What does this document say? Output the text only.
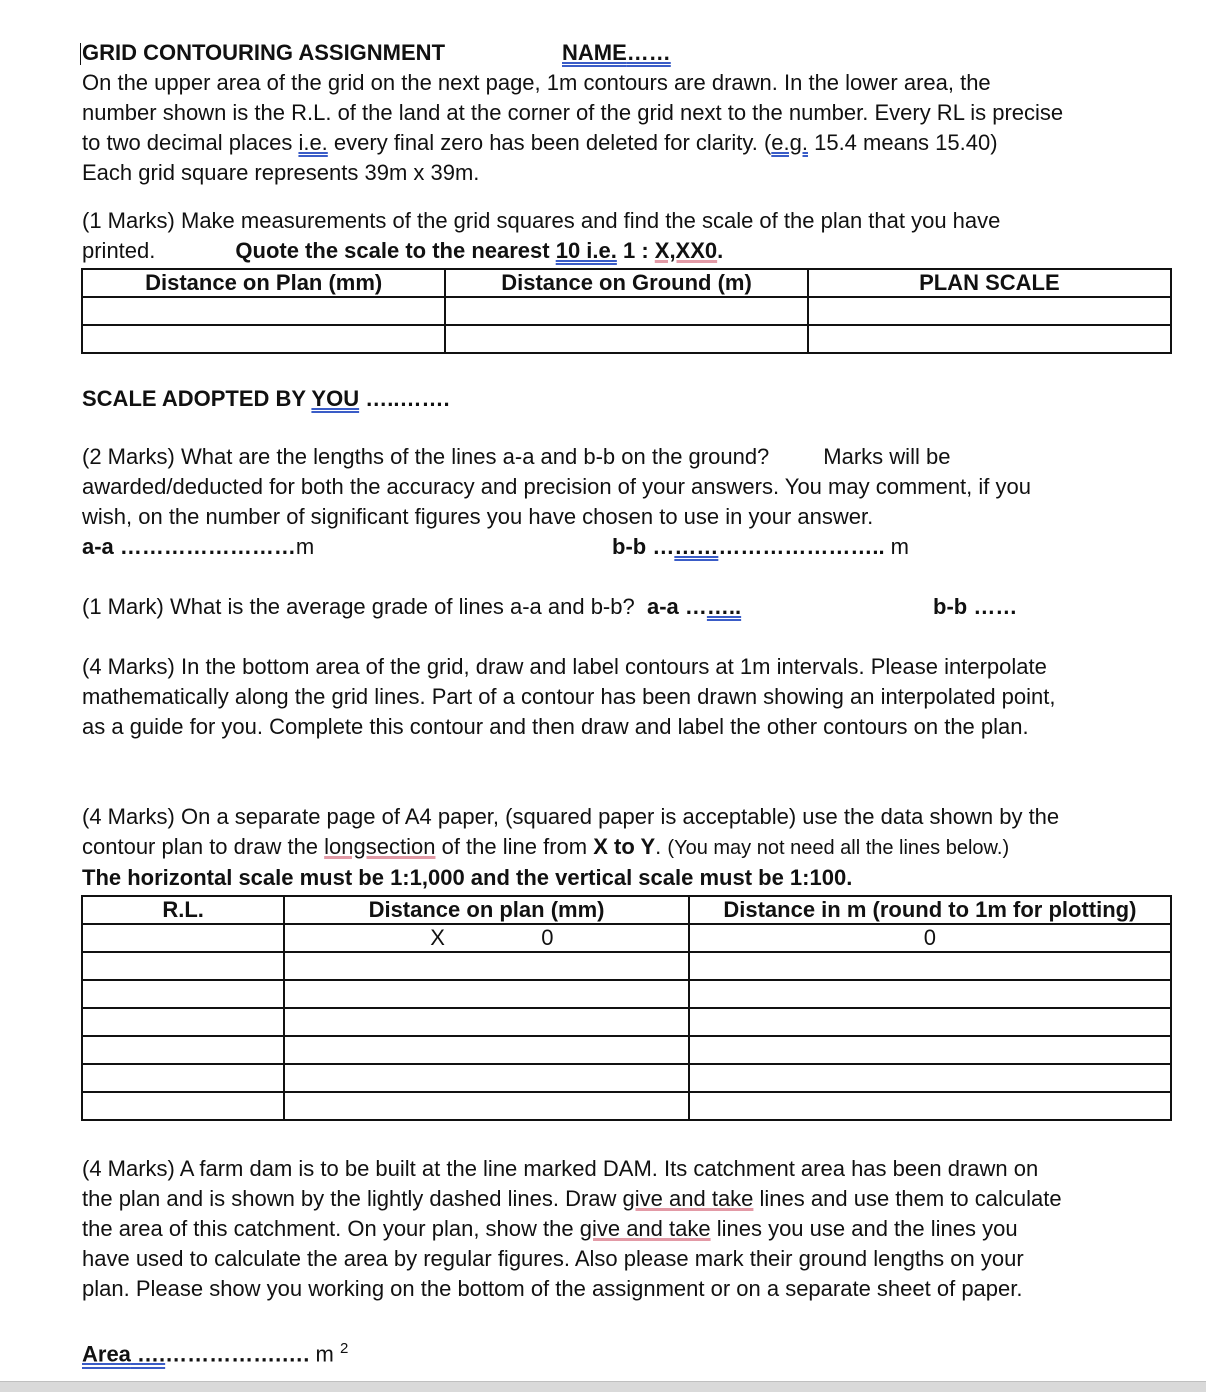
GRID CONTOURING ASSIGNMENT	NAME……

On the upper area of the grid on the next page, 1m contours are drawn. In the lower area, the

number shown is the R.L. of the land at the corner of the grid next to the number. Every RL is precise

to two decimal places i.e. every final zero has been deleted for clarity. (e.g. 15.4 means 15.40)

Each grid square represents 39m x 39m.

(1 Marks) Make measurements of the grid squares and find the scale of the plan that you have

printed.	Quote the scale to the nearest 10 i.e. 1 : X,XX0.

Distance on Plan (mm)	Distance on Ground (m)	PLAN SCALE

SCALE ADOPTED BY YOU …..…….

(2 Marks) What are the lengths of the lines a-a and b-b on the ground? Marks will be

awarded/deducted for both the accuracy and precision of your answers. You may comment, if you

wish, on the number of significant figures you have chosen to use in your answer.

a-a ……………………m	b-b ………………………….. m

(1 Mark) What is the average grade of lines a-a and b-b? a-a ……..	b-b ……

(4 Marks) In the bottom area of the grid, draw and label contours at 1m intervals. Please interpolate

mathematically along the grid lines. Part of a contour has been drawn showing an interpolated point,

as a guide for you. Complete this contour and then draw and label the other contours on the plan.

(4 Marks) On a separate page of A4 paper, (squared paper is acceptable) use the data shown by the

contour plan to draw the longsection of the line from X to Y. (You may not need all the lines below.)

The horizontal scale must be 1:1,000 and the vertical scale must be 1:100.

R.L.	Distance on plan (mm)	Distance in m (round to 1m for plotting)

	X 0	0

(4 Marks) A farm dam is to be built at the line marked DAM. Its catchment area has been drawn on

the plan and is shown by the lightly dashed lines. Draw give and take lines and use them to calculate

the area of this catchment. On your plan, show the give and take lines you use and the lines you

have used to calculate the area by regular figures. Also please mark their ground lengths on your

plan. Please show you working on the bottom of the assignment or on a separate sheet of paper.

Area ….…………….…. m $^2$
